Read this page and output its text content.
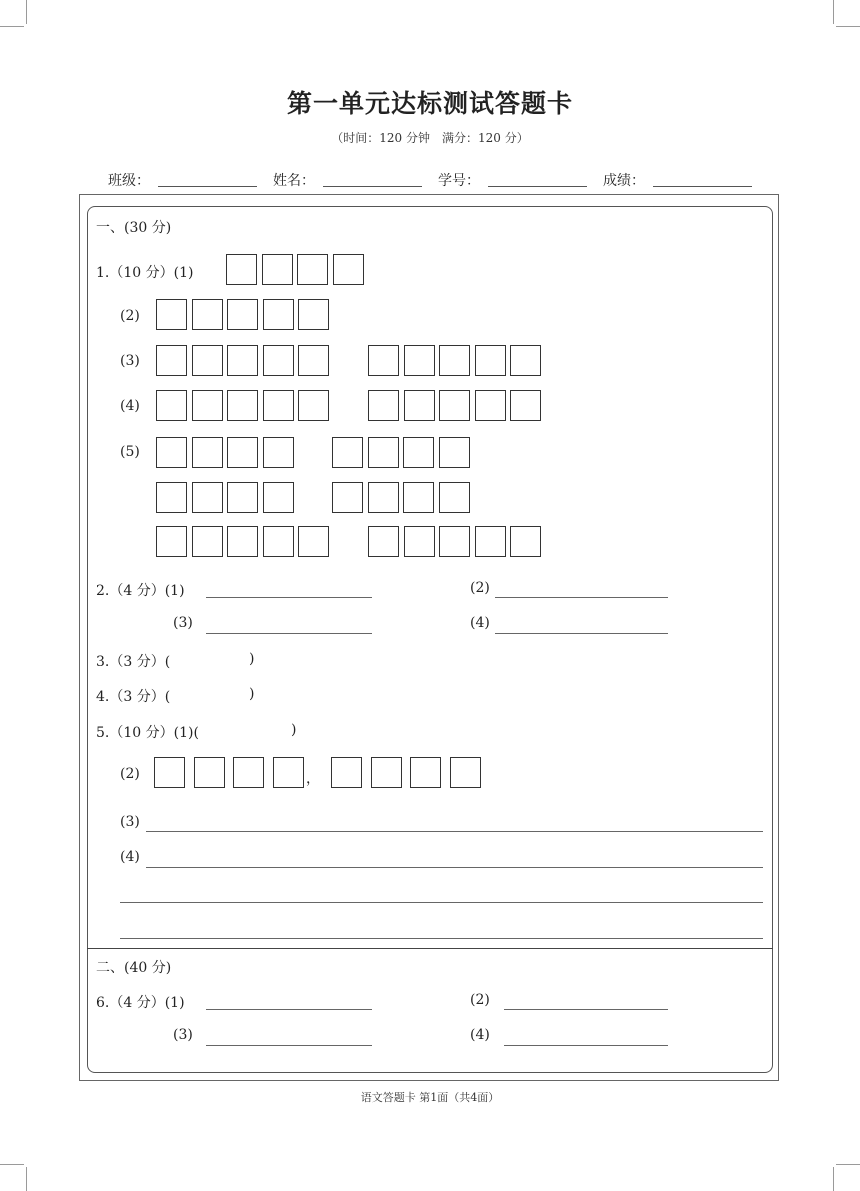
第一单元达标测试答题卡
（时间：120 分钟　满分：120 分）
班级：	姓名：	学号：	成绩：
一、(30 分)
1.（10 分）(1)
(2)
(3)
(4)
(5)
2.（4 分）(1)	(2)
(3)	(4)
3.（3 分）(	)
4.（3 分）(	)
5.（10 分）(1)(	)
(2)	，
(3)
(4)
二、(40 分)
6.（4 分）(1)	(2)
(3)	(4)
语文答题卡 第1面（共4面）
